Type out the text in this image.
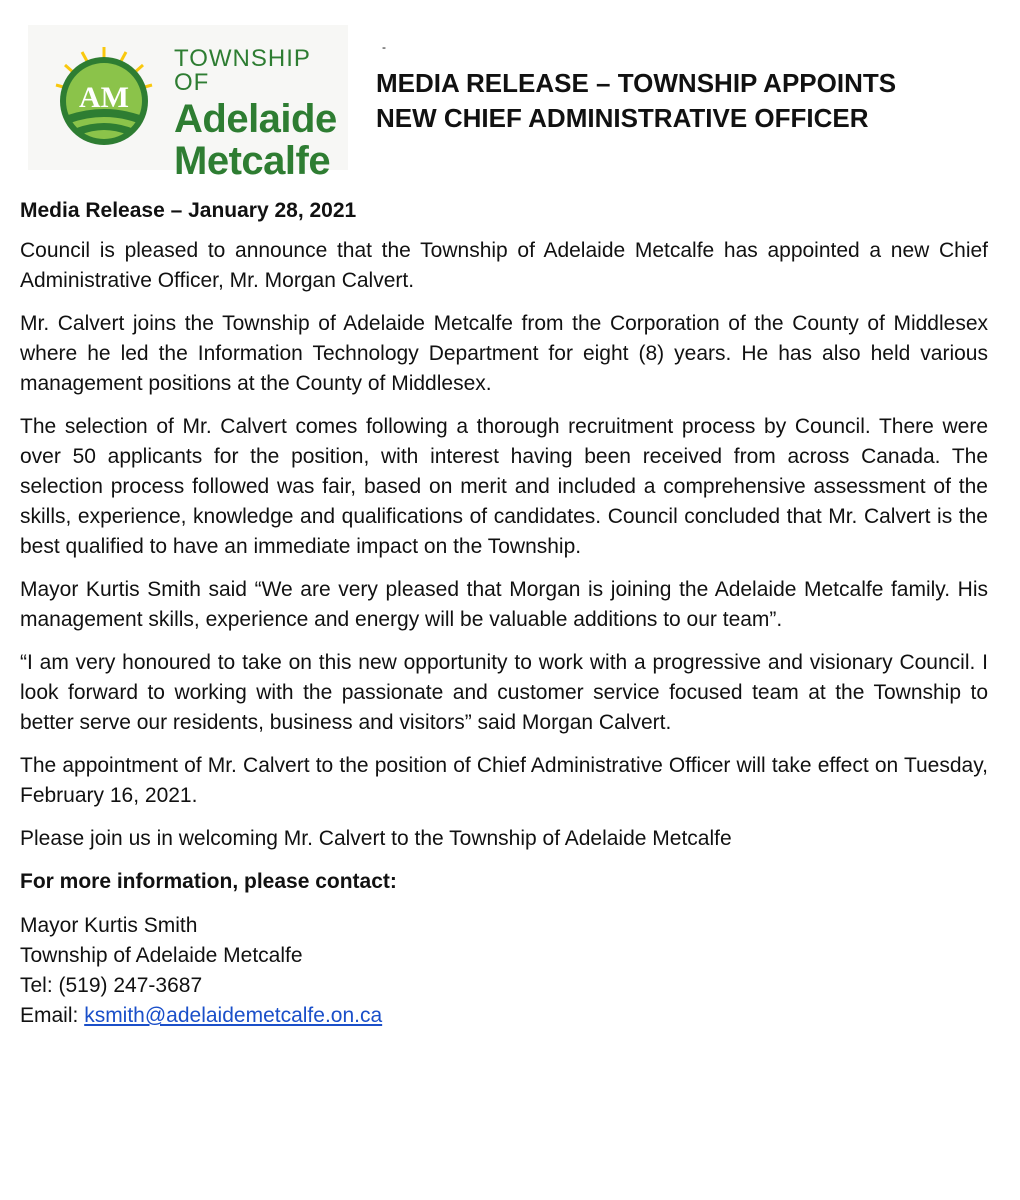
AM
TOWNSHIP OF
Adelaide
Metcalfe
-
MEDIA RELEASE – TOWNSHIP APPOINTS
NEW CHIEF ADMINISTRATIVE OFFICER

Media Release – January 28, 2021

Council is pleased to announce that the Township of Adelaide Metcalfe has appointed a new Chief Administrative Officer, Mr. Morgan Calvert.

Mr. Calvert joins the Township of Adelaide Metcalfe from the Corporation of the County of Middlesex where he led the Information Technology Department for eight (8) years. He has also held various management positions at the County of Middlesex.

The selection of Mr. Calvert comes following a thorough recruitment process by Council. There were over 50 applicants for the position, with interest having been received from across Canada. The selection process followed was fair, based on merit and included a comprehensive assessment of the skills, experience, knowledge and qualifications of candidates. Council concluded that Mr. Calvert is the best qualified to have an immediate impact on the Township.

Mayor Kurtis Smith said “We are very pleased that Morgan is joining the Adelaide Metcalfe family. His management skills, experience and energy will be valuable additions to our team”.

“I am very honoured to take on this new opportunity to work with a progressive and visionary Council. I look forward to working with the passionate and customer service focused team at the Township to better serve our residents, business and visitors” said Morgan Calvert.

The appointment of Mr. Calvert to the position of Chief Administrative Officer will take effect on Tuesday, February 16, 2021.

Please join us in welcoming Mr. Calvert to the Township of Adelaide Metcalfe

For more information, please contact:

Mayor Kurtis Smith

Township of Adelaide Metcalfe

Tel: (519) 247-3687

Email: ksmith@adelaidemetcalfe.on.ca
